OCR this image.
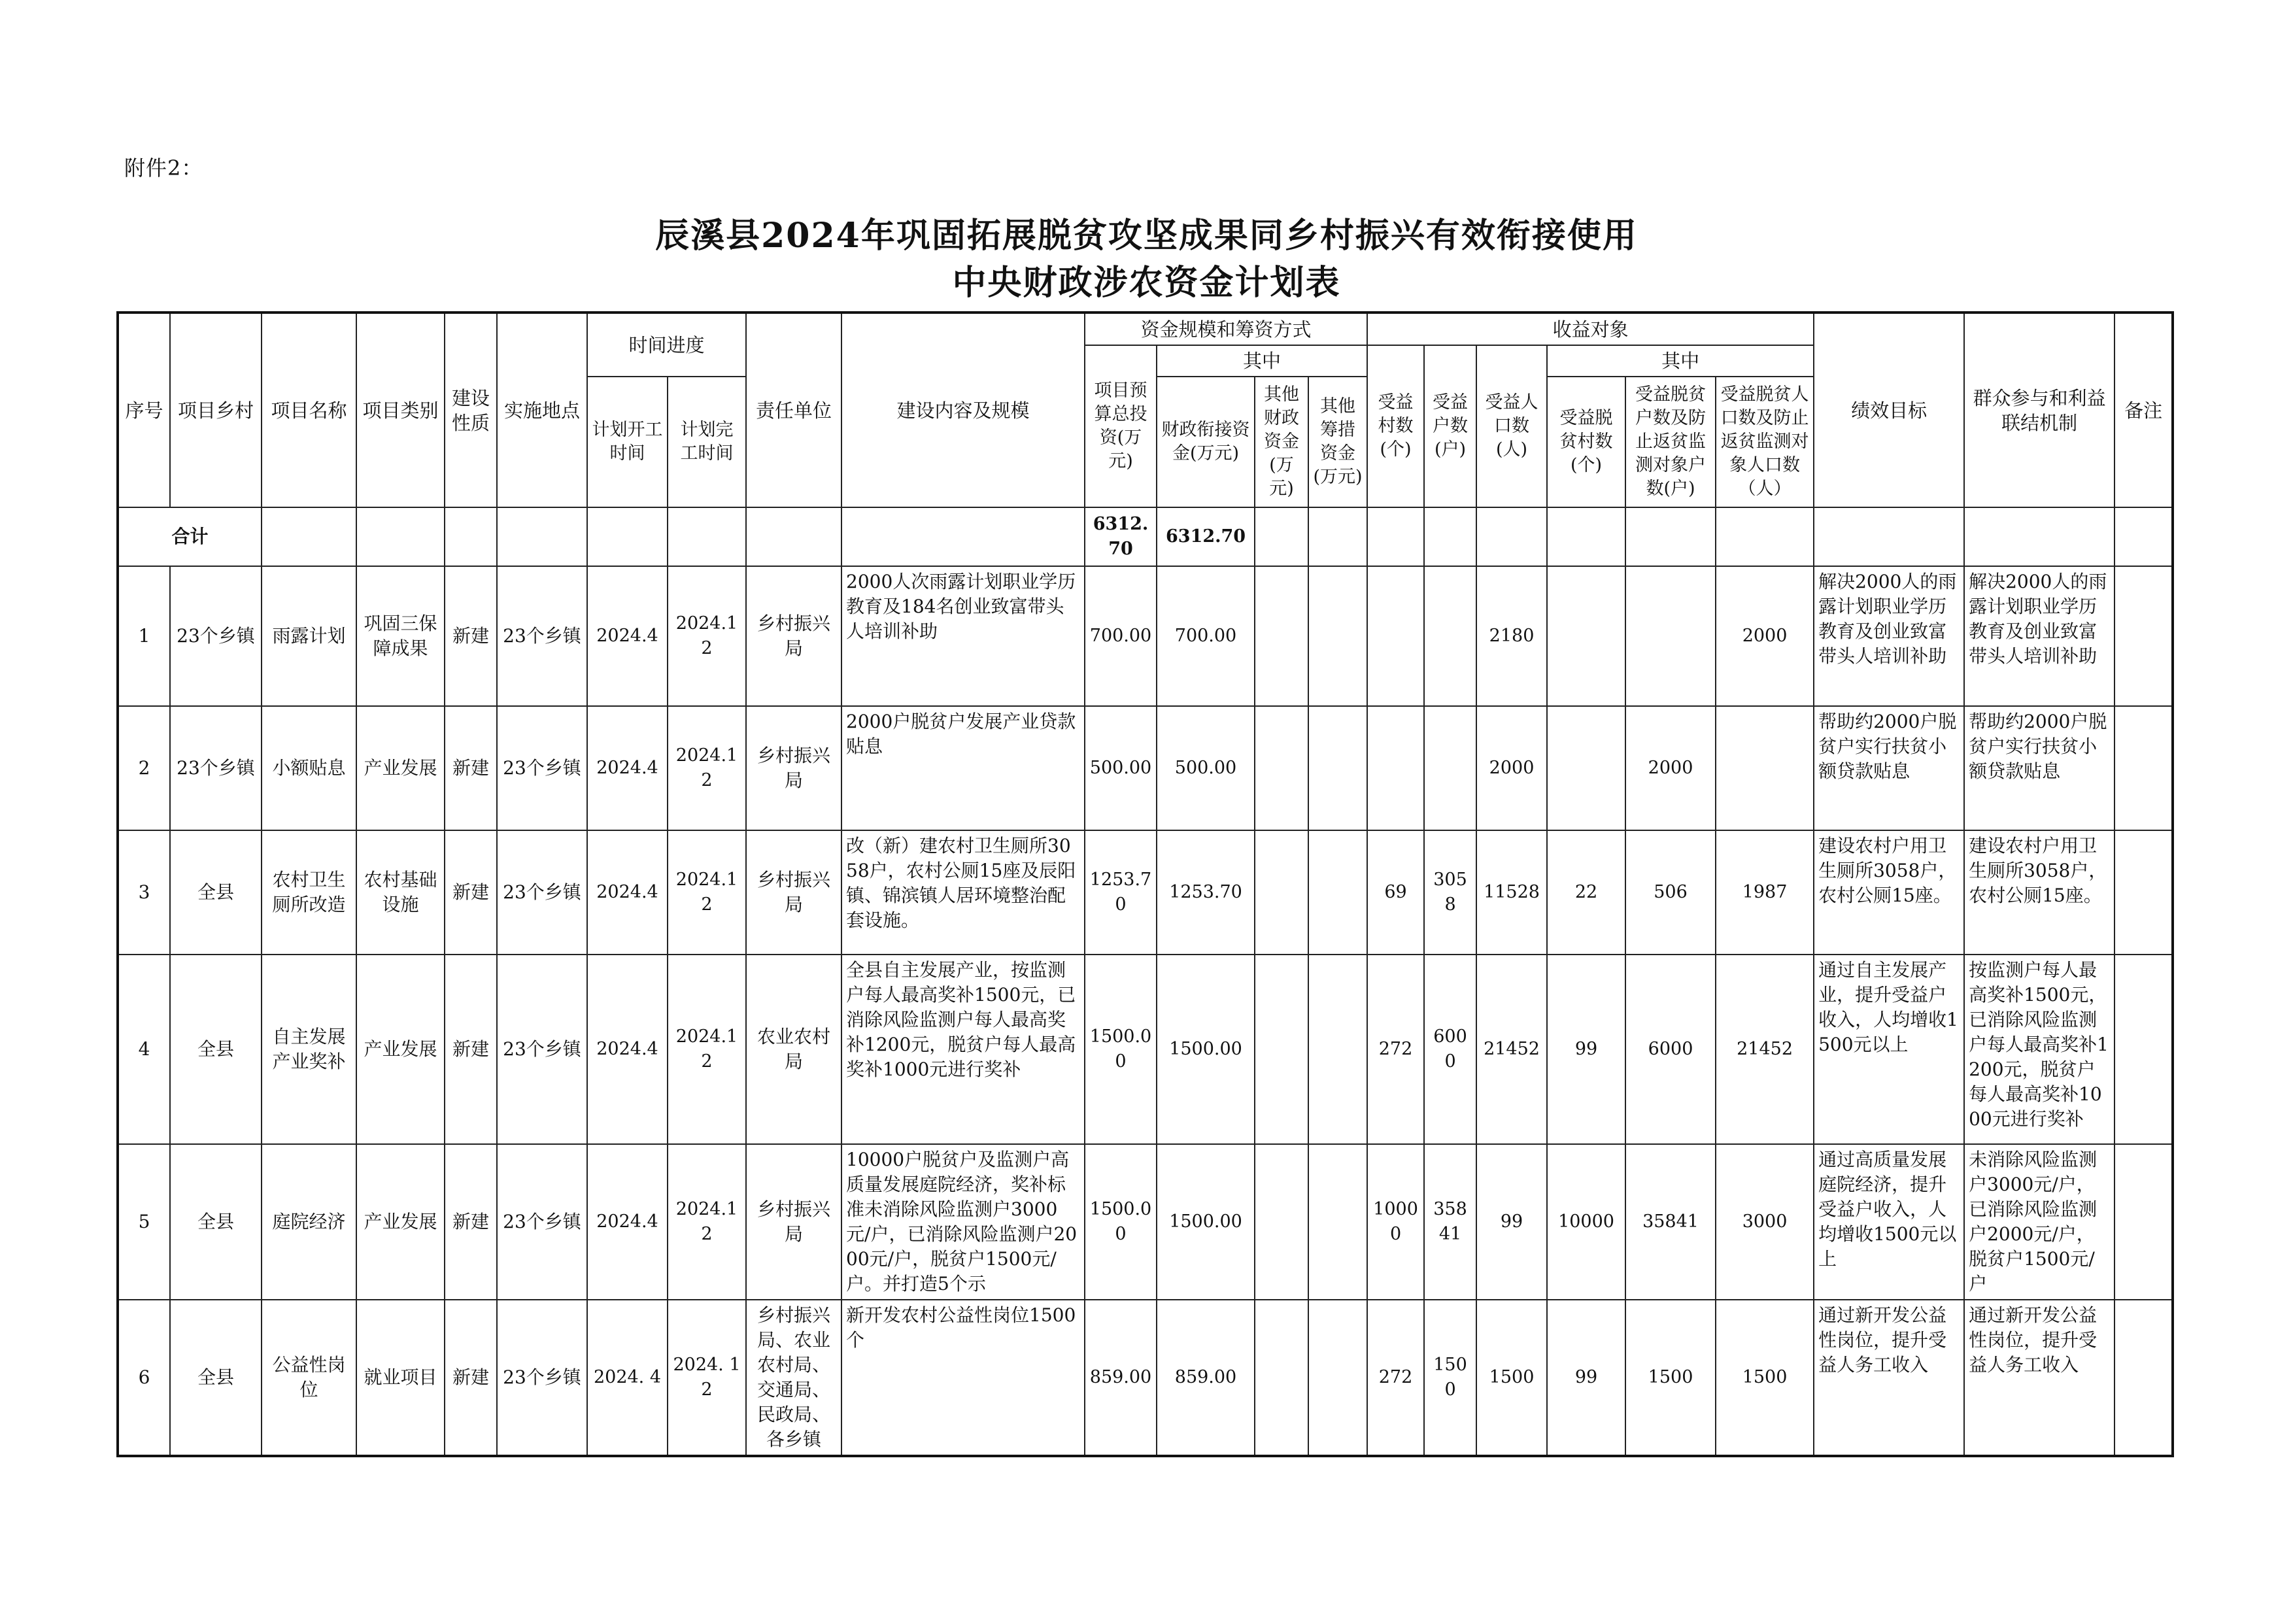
附件2：
辰溪县2024年巩固拓展脱贫攻坚成果同乡村振兴有效衔接使用
中央财政涉农资金计划表
序号	项目乡村	项目名称	项目类别	建设性质	实施地点	时间进度		责任单位	建设内容及规模	资金规模和筹资方式				收益对象						绩效目标	群众参与和利益联结机制	备注
										项目预算总投资(万元)	其中			受益村数(个)	受益户数(户)	受益人口数(人)	其中					
						计划开工时间	计划完工时间				财政衔接资金(万元)	其他财政资金(万元)	其他筹措资金(万元)				受益脱贫村数(个)	受益脱贫户数及防止返贫监测对象户数(户)	受益脱贫人口数及防止返贫监测对象人口数（人）			
合计										6312.70	6312.70											
1	23个乡镇	雨露计划	巩固三保障成果	新建	23个乡镇	2024.4	2024.12	乡村振兴局	2000人次雨露计划职业学历教育及184名创业致富带头人培训补助	700.00	700.00					2180			2000	解决2000人的雨露计划职业学历教育及创业致富带头人培训补助	解决2000人的雨露计划职业学历教育及创业致富带头人培训补助	
2	23个乡镇	小额贴息	产业发展	新建	23个乡镇	2024.4	2024.12	乡村振兴局	2000户脱贫户发展产业贷款贴息	500.00	500.00					2000		2000		帮助约2000户脱贫户实行扶贫小额贷款贴息	帮助约2000户脱贫户实行扶贫小额贷款贴息	
3	全县	农村卫生厕所改造	农村基础设施	新建	23个乡镇	2024.4	2024.12	乡村振兴局	改（新）建农村卫生厕所3058户，农村公厕15座及辰阳镇、锦滨镇人居环境整治配套设施。	1253.70	1253.70			69	3058	11528	22	506	1987	建设农村户用卫生厕所3058户，农村公厕15座。	建设农村户用卫生厕所3058户，农村公厕15座。	
4	全县	自主发展产业奖补	产业发展	新建	23个乡镇	2024.4	2024.12	农业农村局	全县自主发展产业，按监测户每人最高奖补1500元，已消除风险监测户每人最高奖补1200元，脱贫户每人最高奖补1000元进行奖补	1500.00	1500.00			272	6000	21452	99	6000	21452	通过自主发展产业，提升受益户收入，人均增收1500元以上	按监测户每人最高奖补1500元，已消除风险监测户每人最高奖补1200元，脱贫户每人最高奖补1000元进行奖补	
5	全县	庭院经济	产业发展	新建	23个乡镇	2024.4	2024.12	乡村振兴局	10000户脱贫户及监测户高质量发展庭院经济，奖补标准未消除风险监测户3000元/户，已消除风险监测户2000元/户，脱贫户1500元/户。并打造5个示	1500.00	1500.00			10000	35841	99	10000	35841	3000	通过高质量发展庭院经济，提升受益户收入，人均增收1500元以上	未消除风险监测户3000元/户，已消除风险监测户2000元/户，脱贫户1500元/户	
6	全县	公益性岗位	就业项目	新建	23个乡镇	2024. 4	2024. 12	乡村振兴局、农业农村局、交通局、民政局、各乡镇	新开发农村公益性岗位1500个	859.00	859.00			272	1500	1500	99	1500	1500	通过新开发公益性岗位，提升受益人务工收入	通过新开发公益性岗位，提升受益人务工收入	
